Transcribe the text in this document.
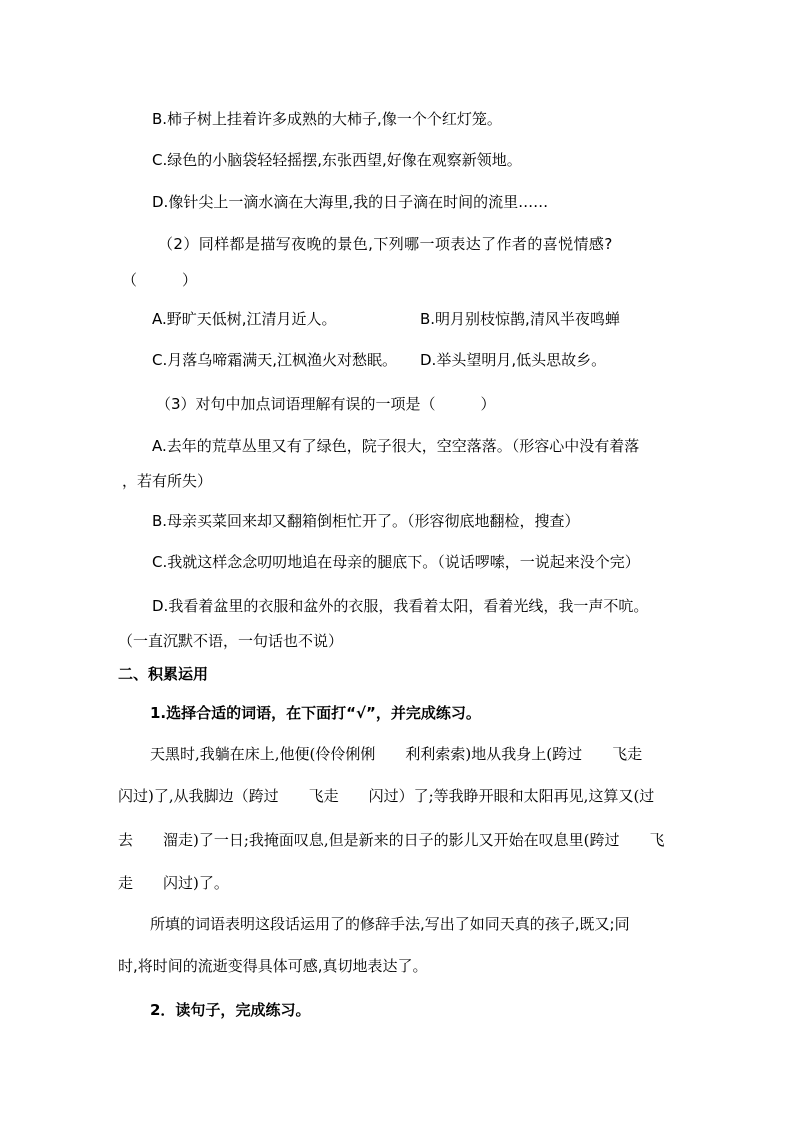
B.柿子树上挂着许多成熟的大柿子,像一个个红灯笼。
C.绿色的小脑袋轻轻摇摆,东张西望,好像在观察新领地。
D.像针尖上一滴水滴在大海里,我的日子滴在时间的流里……
（2）同样都是描写夜晚的景色,下列哪一项表达了作者的喜悦情感?
（　　　）
A.野旷天低树,江清月近人。	B.明月别枝惊鹊,清风半夜鸣蝉
C.月落乌啼霜满天,江枫渔火对愁眠。 D.举头望明月,低头思故乡。
（3）对句中加点词语理解有误的一项是（　　　）
A.去年的荒草丛里又有了绿色，院子很大，空空落落。（形容心中没有着落
，若有所失）
B.母亲买菜回来却又翻箱倒柜忙开了。（形容彻底地翻检，搜查）
C.我就这样念念叨叨地追在母亲的腿底下。（说话啰嗦，一说起来没个完）
D.我看着盆里的衣服和盆外的衣服，我看着太阳，看着光线，我一声不吭。
（一直沉默不语，一句话也不说）
二、积累运用
1.选择合适的词语，在下面打“√”，并完成练习。
天黑时,我躺在床上,他便(伶伶俐俐　　利利索索)地从我身上(跨过　　飞走
闪过)了,从我脚边（跨过　　飞走　　闪过）了;等我睁开眼和太阳再见,这算又(过
去　　溜走)了一日;我掩面叹息,但是新来的日子的影儿又开始在叹息里(跨过　　飞
走　　闪过)了。
所填的词语表明这段话运用了的修辞手法,写出了如同天真的孩子,既又;同
时,将时间的流逝变得具体可感,真切地表达了。
2．读句子，完成练习。
